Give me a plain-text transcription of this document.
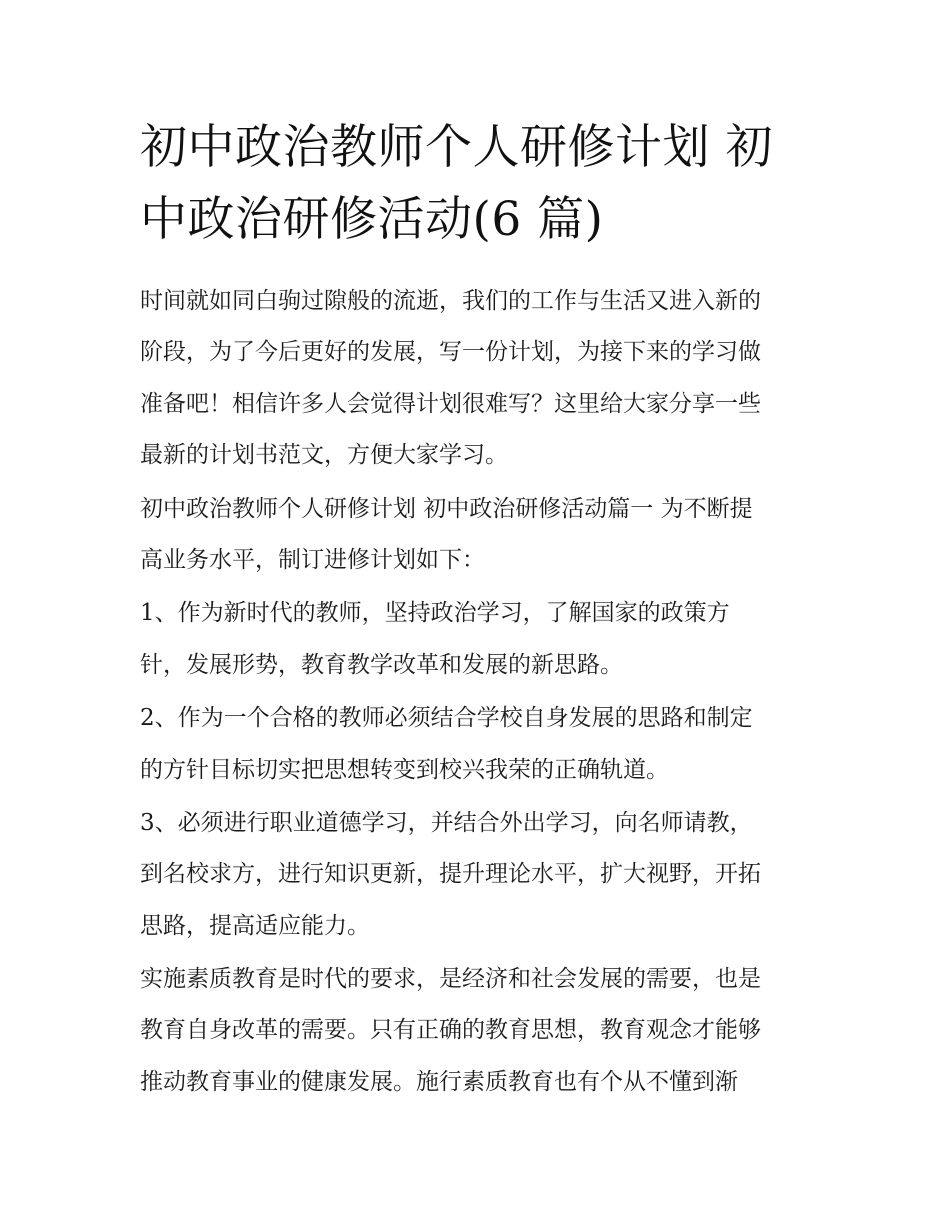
初中政治教师个人研修计划 初
中政治研修活动(6 篇)

时间就如同白驹过隙般的流逝，我们的工作与生活又进入新的
阶段，为了今后更好的发展，写一份计划，为接下来的学习做
准备吧！相信许多人会觉得计划很难写？这里给大家分享一些
最新的计划书范文，方便大家学习。

初中政治教师个人研修计划 初中政治研修活动篇一 为不断提
高业务水平，制订进修计划如下：

1、作为新时代的教师，坚持政治学习，了解国家的政策方
针，发展形势，教育教学改革和发展的新思路。

2、作为一个合格的教师必须结合学校自身发展的思路和制定
的方针目标切实把思想转变到校兴我荣的正确轨道。

3、必须进行职业道德学习，并结合外出学习，向名师请教，
到名校求方，进行知识更新，提升理论水平，扩大视野，开拓
思路，提高适应能力。

实施素质教育是时代的要求，是经济和社会发展的需要，也是
教育自身改革的需要。只有正确的教育思想，教育观念才能够
推动教育事业的健康发展。施行素质教育也有个从不懂到渐
